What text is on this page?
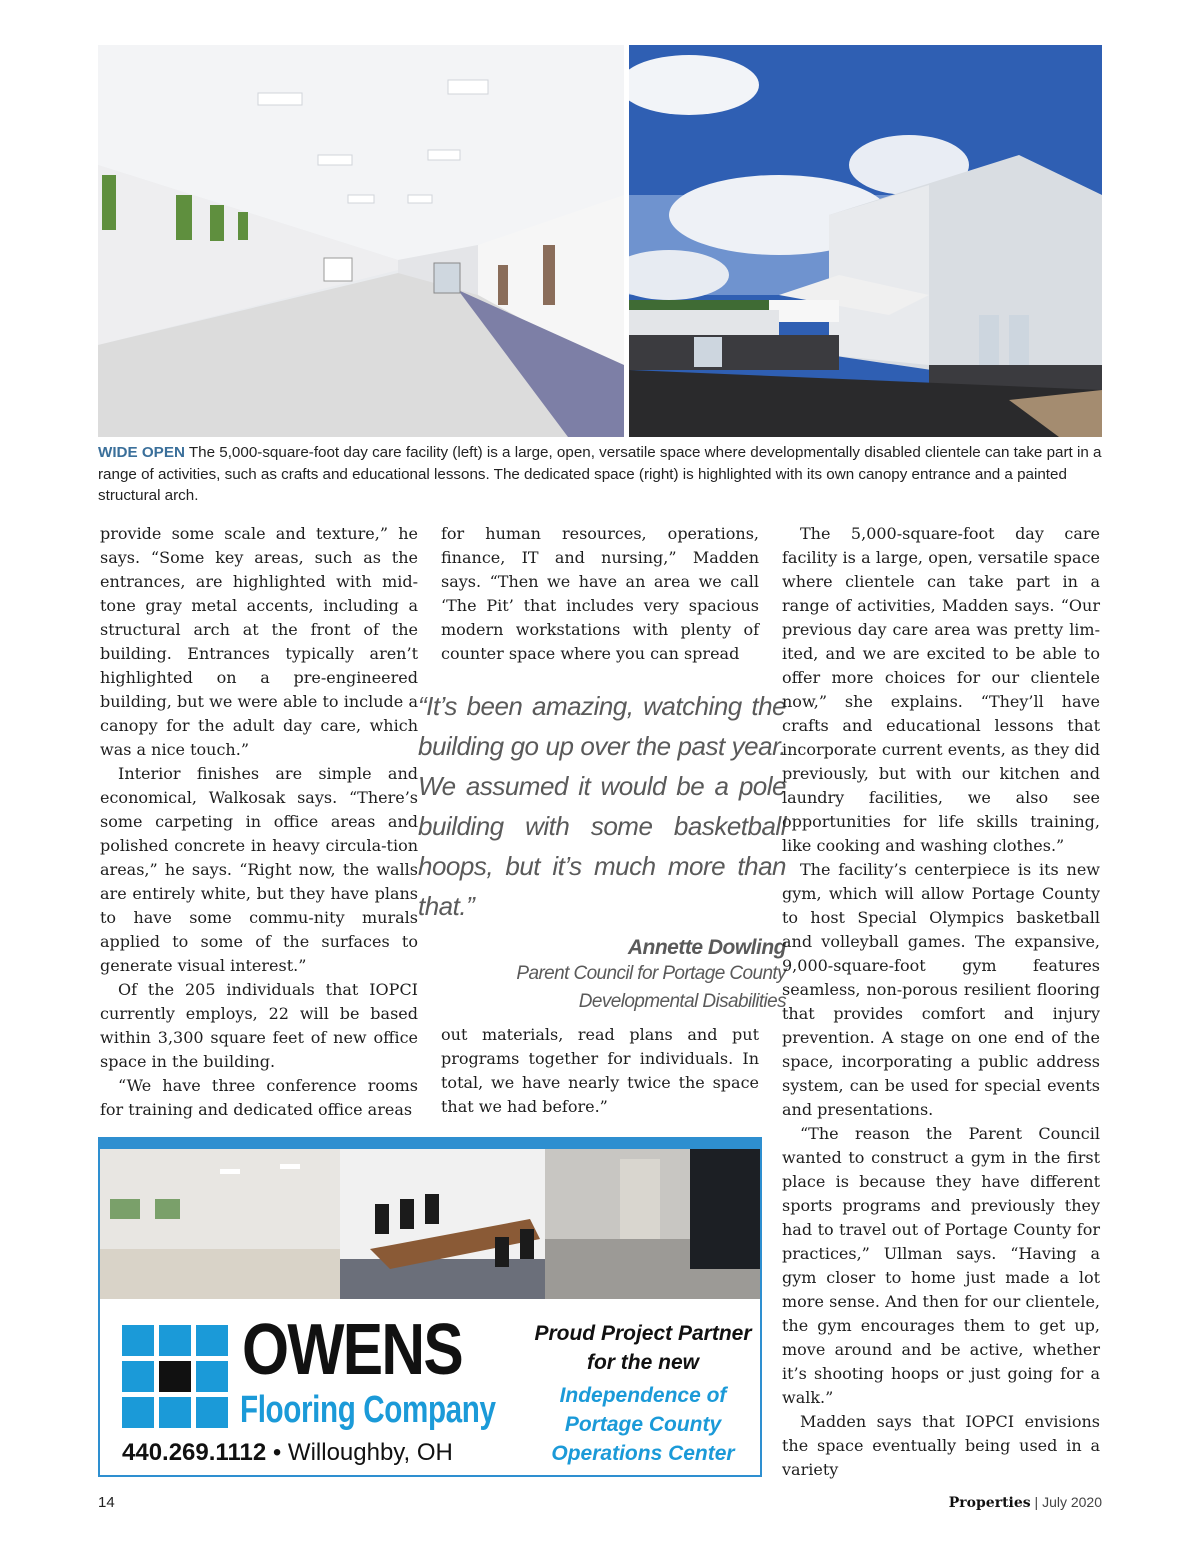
WIDE OPEN The 5,000-square-foot day care facility (left) is a large, open, versatile space where developmentally disabled clientele can take part in a range of activities, such as crafts and educational lessons. The dedicated space (right) is highlighted with its own canopy entrance and a painted structural arch.

provide some scale and texture,” he says. “Some key areas, such as the entrances, are highlighted with mid-tone gray metal accents, including a structural arch at the front of the building. Entrances typically aren’t highlighted on a pre-engineered building, but we were able to include a canopy for the adult day care, which was a nice touch.”

Interior finishes are simple and economical, Walkosak says. “There’s some carpeting in office areas and polished concrete in heavy circula-tion areas,” he says. “Right now, the walls are entirely white, but they have plans to have some commu-nity murals applied to some of the surfaces to generate visual interest.”

Of the 205 individuals that IOPCI currently employs, 22 will be based within 3,300 square feet of new office space in the building.

“We have three conference rooms for training and dedicated office areas

for human resources, operations, finance, IT and nursing,” Madden says. “Then we have an area we call ‘The Pit’ that includes very spacious modern workstations with plenty of counter space where you can spread

“It’s been amazing, watching the building go up over the past year. We assumed it would be a pole building with some basketball hoops, but it’s much more than that.”
Annette Dowling
Parent Council for Portage County
Developmental Disabilities

out materials, read plans and put programs together for individuals. In total, we have nearly twice the space that we had before.”

The 5,000-square-foot day care facility is a large, open, versatile space where clientele can take part in a range of activities, Madden says. “Our previous day care area was pretty lim-ited, and we are excited to be able to offer more choices for our clientele now,” she explains. “They’ll have crafts and educational lessons that incorporate current events, as they did previously, but with our kitchen and laundry facilities, we also see opportunities for life skills training, like cooking and washing clothes.”

The facility’s centerpiece is its new gym, which will allow Portage County to host Special Olympics basketball and volleyball games. The expansive, 9,000-square-foot gym features seamless, non-porous resilient flooring that provides comfort and injury prevention. A stage on one end of the space, incorporating a public address system, can be used for special events and presentations.

“The reason the Parent Council wanted to construct a gym in the first place is because they have different sports programs and previously they had to travel out of Portage County for practices,” Ullman says. “Having a gym closer to home just made a lot more sense. And then for our clientele, the gym encourages them to get up, move around and be active, whether it’s shooting hoops or just going for a walk.”

Madden says that IOPCI envisions the space eventually being used in a variety

OWENS
Flooring Company
440.269.1112 • Willoughby, OH
Proud Project Partner for the new
Independence of Portage County Operations Center
14	Properties | July 2020
